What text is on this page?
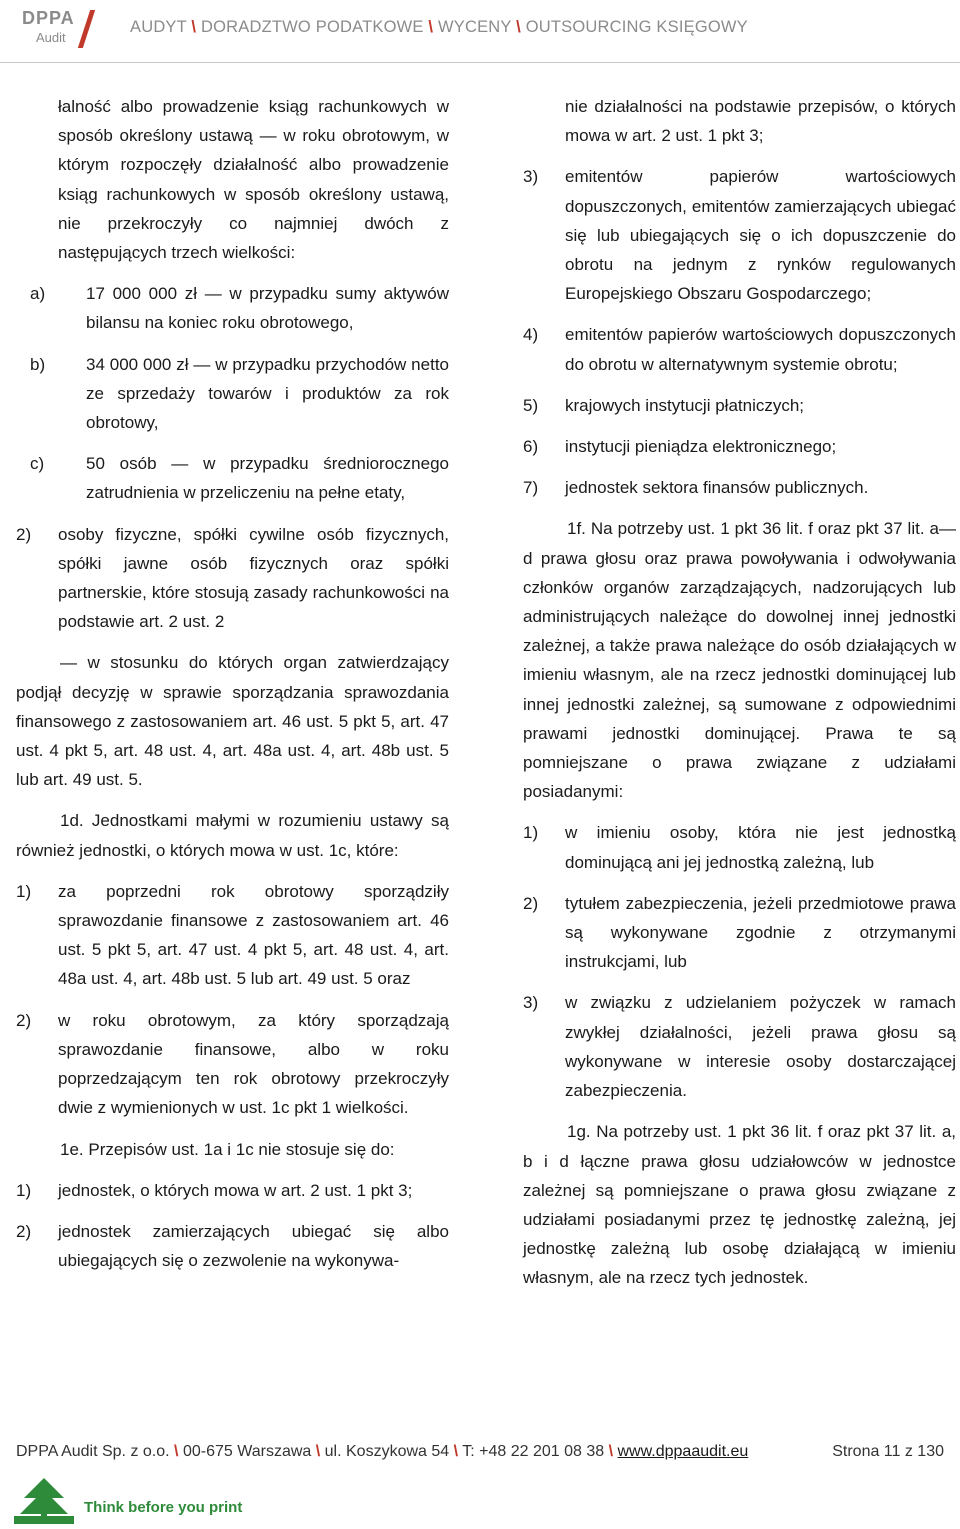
DPPA
Audit
AUDYT \ DORADZTWO PODATKOWE \ WYCENY \ OUTSOURCING KSIĘGOWY
łalność albo prowadzenie ksiąg rachunkowych w sposób określony ustawą — w roku obrotowym, w którym rozpoczęły działalność albo prowadzenie ksiąg rachunkowych w sposób określony ustawą, nie przekroczyły co najmniej dwóch z następujących trzech wielkości:
a) 17 000 000 zł — w przypadku sumy aktywów bilansu na koniec roku obrotowego,
b) 34 000 000 zł — w przypadku przychodów netto ze sprzedaży towarów i produktów za rok obrotowy,
c) 50 osób — w przypadku średniorocznego zatrudnienia w przeliczeniu na pełne etaty,
2) osoby fizyczne, spółki cywilne osób fizycznych, spółki jawne osób fizycznych oraz spółki partnerskie, które stosują zasady rachunkowości na podstawie art. 2 ust. 2
— w stosunku do których organ zatwierdzający podjął decyzję w sprawie sporządzania sprawozdania finansowego z zastosowaniem art. 46 ust. 5 pkt 5, art. 47 ust. 4 pkt 5, art. 48 ust. 4, art. 48a ust. 4, art. 48b ust. 5 lub art. 49 ust. 5.
1d. Jednostkami małymi w rozumieniu ustawy są również jednostki, o których mowa w ust. 1c, które:
1) za poprzedni rok obrotowy sporządziły sprawozdanie finansowe z zastosowaniem art. 46 ust. 5 pkt 5, art. 47 ust. 4 pkt 5, art. 48 ust. 4, art. 48a ust. 4, art. 48b ust. 5 lub art. 49 ust. 5 oraz
2) w roku obrotowym, za który sporządzają sprawozdanie finansowe, albo w roku poprzedzającym ten rok obrotowy przekroczyły dwie z wymienionych w ust. 1c pkt 1 wielkości.
1e. Przepisów ust. 1a i 1c nie stosuje się do:
1) jednostek, o których mowa w art. 2 ust. 1 pkt 3;
2) jednostek zamierzających ubiegać się albo ubiegających się o zezwolenie na wykonywa-
nie działalności na podstawie przepisów, o których mowa w art. 2 ust. 1 pkt 3;
3) emitentów papierów wartościowych dopuszczonych, emitentów zamierzających ubiegać się lub ubiegających się o ich dopuszczenie do obrotu na jednym z rynków regulowanych Europejskiego Obszaru Gospodarczego;
4) emitentów papierów wartościowych dopuszczonych do obrotu w alternatywnym systemie obrotu;
5) krajowych instytucji płatniczych;
6) instytucji pieniądza elektronicznego;
7) jednostek sektora finansów publicznych.
1f. Na potrzeby ust. 1 pkt 36 lit. f oraz pkt 37 lit. a—d prawa głosu oraz prawa powoływania i odwoływania członków organów zarządzających, nadzorujących lub administrujących należące do dowolnej innej jednostki zależnej, a także prawa należące do osób działających w imieniu własnym, ale na rzecz jednostki dominującej lub innej jednostki zależnej, są sumowane z odpowiednimi prawami jednostki dominującej. Prawa te są pomniejszane o prawa związane z udziałami posiadanymi:
1) w imieniu osoby, która nie jest jednostką dominującą ani jej jednostką zależną, lub
2) tytułem zabezpieczenia, jeżeli przedmiotowe prawa są wykonywane zgodnie z otrzymanymi instrukcjami, lub
3) w związku z udzielaniem pożyczek w ramach zwykłej działalności, jeżeli prawa głosu są wykonywane w interesie osoby dostarczającej zabezpieczenia.
1g. Na potrzeby ust. 1 pkt 36 lit. f oraz pkt 37 lit. a, b i d łączne prawa głosu udziałowców w jednostce zależnej są pomniejszane o prawa głosu związane z udziałami posiadanymi przez tę jednostkę zależną, jej jednostkę zależną lub osobę działającą w imieniu własnym, ale na rzecz tych jednostek.
DPPA Audit Sp. z o.o. \ 00-675 Warszawa \ ul. Koszykowa 54 \ T: +48 22 201 08 38 \ www.dppaaudit.eu	Strona 11 z 130
Think before you print
